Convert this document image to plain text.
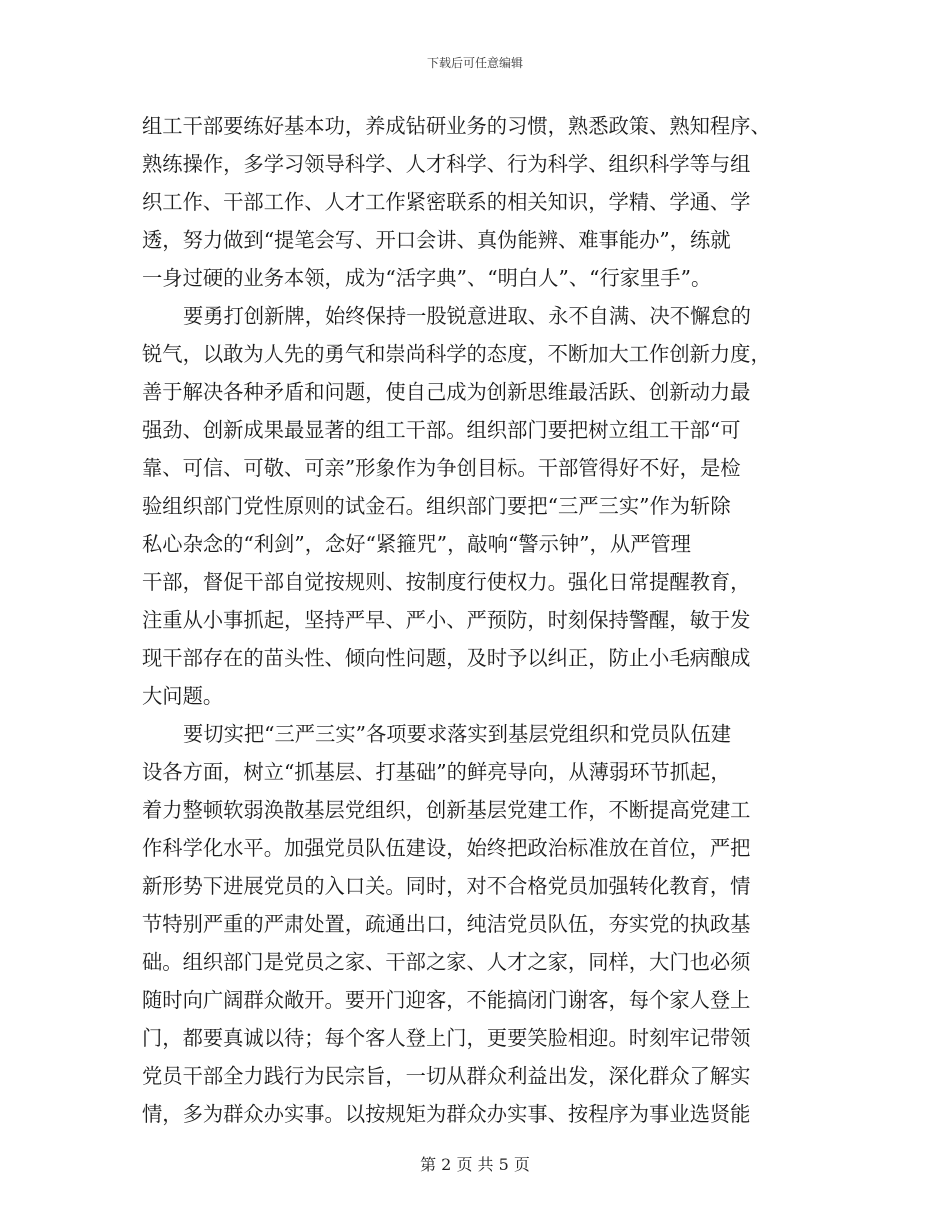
下载后可任意编辑
组工干部要练好基本功，养成钻研业务的习惯，熟悉政策、熟知程序、
熟练操作，多学习领导科学、人才科学、行为科学、组织科学等与组
织工作、干部工作、人才工作紧密联系的相关知识，学精、学通、学
透，努力做到“提笔会写、开口会讲、真伪能辨、难事能办”，练就
一身过硬的业务本领，成为“活字典”、“明白人”、“行家里手”。
要勇打创新牌，始终保持一股锐意进取、永不自满、决不懈怠的
锐气，以敢为人先的勇气和崇尚科学的态度，不断加大工作创新力度，
善于解决各种矛盾和问题，使自己成为创新思维最活跃、创新动力最
强劲、创新成果最显著的组工干部。组织部门要把树立组工干部“可
靠、可信、可敬、可亲”形象作为争创目标。干部管得好不好，是检
验组织部门党性原则的试金石。组织部门要把“三严三实”作为斩除
私心杂念的“利剑”，念好“紧箍咒”，敲响“警示钟”，从严管理
干部，督促干部自觉按规则、按制度行使权力。强化日常提醒教育，
注重从小事抓起，坚持严早、严小、严预防，时刻保持警醒，敏于发
现干部存在的苗头性、倾向性问题，及时予以纠正，防止小毛病酿成
大问题。
要切实把“三严三实”各项要求落实到基层党组织和党员队伍建
设各方面，树立“抓基层、打基础”的鲜亮导向，从薄弱环节抓起，
着力整顿软弱涣散基层党组织，创新基层党建工作，不断提高党建工
作科学化水平。加强党员队伍建设，始终把政治标准放在首位，严把
新形势下进展党员的入口关。同时，对不合格党员加强转化教育，情
节特别严重的严肃处置，疏通出口，纯洁党员队伍，夯实党的执政基
础。组织部门是党员之家、干部之家、人才之家，同样，大门也必须
随时向广阔群众敞开。要开门迎客，不能搞闭门谢客，每个家人登上
门，都要真诚以待；每个客人登上门，更要笑脸相迎。时刻牢记带领
党员干部全力践行为民宗旨，一切从群众利益出发，深化群众了解实
情，多为群众办实事。以按规矩为群众办实事、按程序为事业选贤能
第 2 页 共 5 页
